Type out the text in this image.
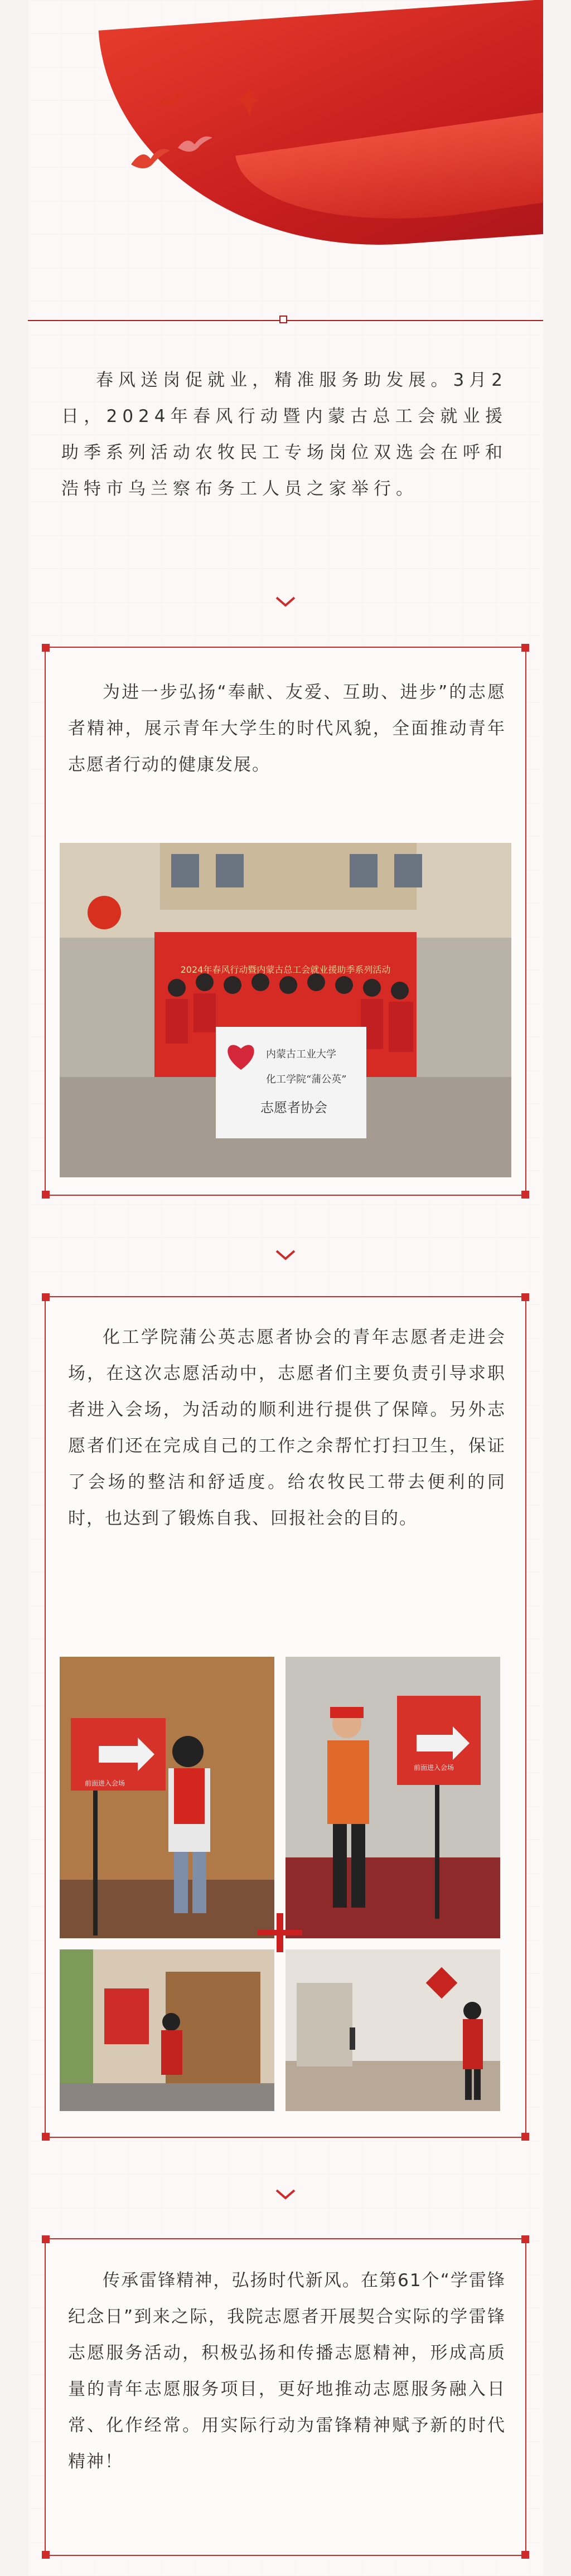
春风送岗促就业，精准服务助发展。3月2日，2024年春风行动暨内蒙古总工会就业援助季系列活动农牧民工专场岗位双选会在呼和浩特市乌兰察布务工人员之家举行。

为进一步弘扬“奉献、友爱、互助、进步”的志愿者精神，展示青年大学生的时代风貌，全面推动青年志愿者行动的健康发展。

2024年春风行动暨内蒙古总工会就业援助季系列活动
内蒙古工业大学
化工学院“蒲公英”
志愿者协会

化工学院蒲公英志愿者协会的青年志愿者走进会场，在这次志愿活动中，志愿者们主要负责引导求职者进入会场，为活动的顺利进行提供了保障。另外志愿者们还在完成自己的工作之余帮忙打扫卫生，保证了会场的整洁和舒适度。给农牧民工带去便利的同时，也达到了锻炼自我、回报社会的目的。

前面进入会场
前面进入会场

传承雷锋精神，弘扬时代新风。在第61个“学雷锋纪念日”到来之际，我院志愿者开展契合实际的学雷锋志愿服务活动，积极弘扬和传播志愿精神，形成高质量的青年志愿服务项目，更好地推动志愿服务融入日常、化作经常。用实际行动为雷锋精神赋予新的时代精神！
